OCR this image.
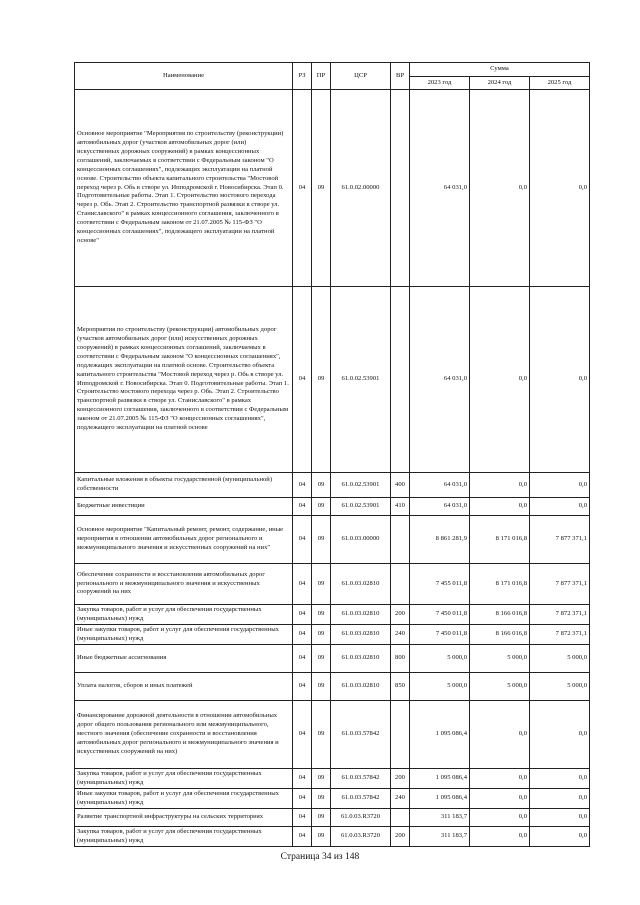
Наименование	РЗ	ПР	ЦСР	ВР	Сумма		
					2023 год	2024 год	2025 год
Основное мероприятие "Мероприятия по строительству (реконструкции) автомобильных дорог (участков автомобильных дорог (или) искусственных дорожных сооружений) в рамках концессионных соглашений, заключаемых в соответствии с Федеральным законом "О концессионных соглашениях", подлежащих эксплуатации на платной основе. Строительство объекта капитального строительства "Мостовой переход через р. Обь в створе ул. Ипподромской г. Новосибирска. Этап 0. Подготовительные работы. Этап 1. Строительство мостового перехода через р. Обь. Этап 2. Строительство транспортной развязки в створе ул. Станиславского" в рамках концессионного соглашения, заключенного в соответствии с Федеральным законом от 21.07.2005 № 115-ФЗ "О концессионных соглашениях", подлежащего эксплуатации на платной основе"	04	09	61.0.02.00000		64 031,0	0,0	0,0
Мероприятия по строительству (реконструкции) автомобильных дорог (участков автомобильных дорог (или) искусственных дорожных сооружений) в рамках концессионных соглашений, заключаемых в соответствии с Федеральным законом "О концессионных соглашениях", подлежащих эксплуатации на платной основе. Строительство объекта капитального строительства "Мостовой переход через р. Обь в створе ул. Ипподромской г. Новосибирска. Этап 0. Подготовительные работы. Этап 1. Строительство мостового перехода через р. Обь. Этап 2. Строительство транспортной развязки в створе ул. Станиславского" в рамках концессионного соглашения, заключенного в соответствии с Федеральным законом от 21.07.2005 № 115-ФЗ "О концессионных соглашениях", подлежащего эксплуатации на платной основе	04	09	61.0.02.53901		64 031,0	0,0	0,0
Капитальные вложения в объекты государственной (муниципальной) собственности	04	09	61.0.02.53901	400	64 031,0	0,0	0,0
Бюджетные инвестиции	04	09	61.0.02.53901	410	64 031,0	0,0	0,0
Основное мероприятие "Капитальный ремонт, ремонт, содержание, иные мероприятия в отношении автомобильных дорог регионального и межмуниципального значения и искусственных сооружений на них"	04	09	61.0.03.00000		8 861 281,9	8 171 016,8	7 877 371,1
Обеспечение сохранности и восстановления автомобильных дорог регионального и межмуниципального значения и искусственных сооружений на них	04	09	61.0.03.02810		7 455 011,8	8 171 016,8	7 877 371,1
Закупка товаров, работ и услуг для обеспечения государственных (муниципальных) нужд	04	09	61.0.03.02810	200	7 450 011,8	8 166 016,8	7 872 371,1
Иные закупки товаров, работ и услуг для обеспечения государственных (муниципальных) нужд	04	09	61.0.03.02810	240	7 450 011,8	8 166 016,8	7 872 371,1
Иные бюджетные ассигнования	04	09	61.0.03.02810	800	5 000,0	5 000,0	5 000,0
Уплата налогов, сборов и иных платежей	04	09	61.0.03.02810	850	5 000,0	5 000,0	5 000,0
Финансирование дорожной деятельности в отношении автомобильных дорог общего пользования регионального или межмуниципального, местного значения (обеспечение сохранности и восстановления автомобильных дорог регионального и межмуниципального значения и искусственных сооружений на них)	04	09	61.0.03.57842		1 095 086,4	0,0	0,0
Закупка товаров, работ и услуг для обеспечения государственных (муниципальных) нужд	04	09	61.0.03.57842	200	1 095 086,4	0,0	0,0
Иные закупки товаров, работ и услуг для обеспечения государственных (муниципальных) нужд	04	09	61.0.03.57842	240	1 095 086,4	0,0	0,0
Развитие транспортной инфраструктуры на сельских территориях	04	09	61.0.03.R3720		311 183,7	0,0	0,0
Закупка товаров, работ и услуг для обеспечения государственных (муниципальных) нужд	04	09	61.0.03.R3720	200	311 183,7	0,0	0,0
Страница 34 из 148
